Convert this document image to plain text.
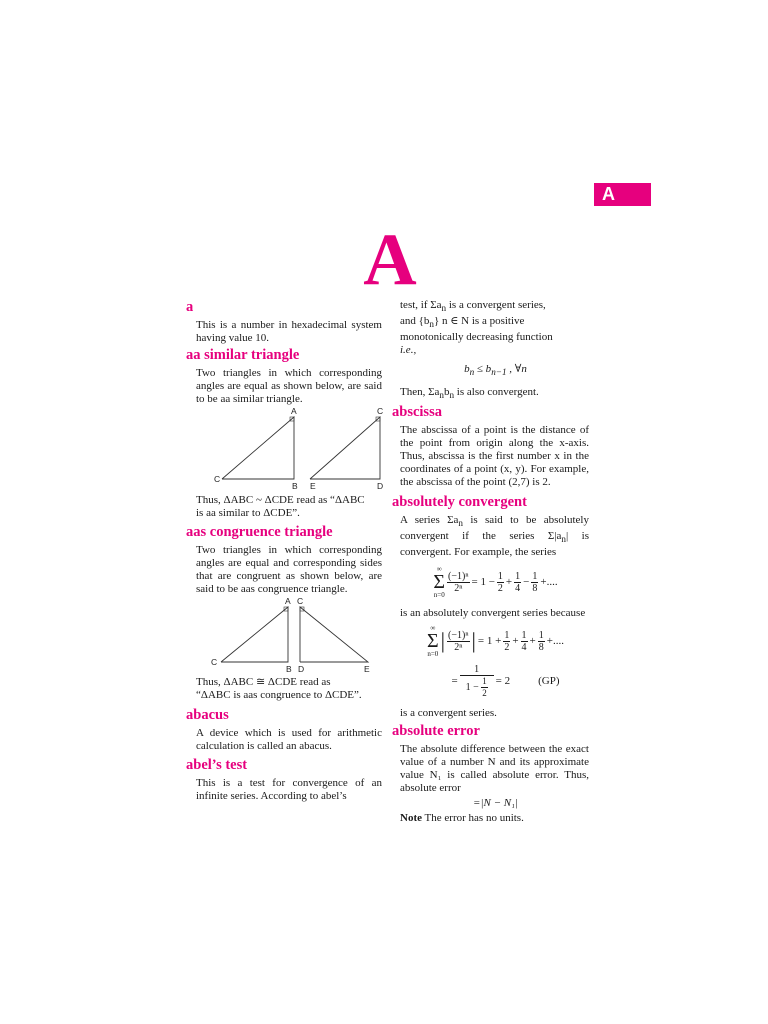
A
A
a

This is a number in hexadecimal system having value 10.

aa similar triangle

Two triangles in which corresponding angles are equal as shown below, are said to be aa similar triangle.

A
B
C
C
D
E

Thus, ΔABC ~ ΔCDE read as “ΔABC

is aa similar to ΔCDE”.

aas congruence triangle

Two triangles in which corresponding angles are equal and corresponding sides that are congruent as shown below, are said to be aas congruence triangle.

A
B
C
C
D	E

Thus, ΔABC ≅ ΔCDE read as

“ΔABC is aas congruence to ΔCDE”.

abacus

A device which is used for arithmetic calculation is called an abacus.

abel’s test

This is a test for convergence of an infinite series. According to abel’s

test, if $\Sigma a_n$ is a convergent series,

and $\{b_n\}$ n ∈ N is a positive

monotonically decreasing function

i.e.,

$b_n \le b_{n-1}$ , ∀n

Then, $\Sigma a_nb_n$ is also convergent.

abscissa

The abscissa of a point is the distance of the point from origin along the x-axis. Thus, abscissa is the first number x in the coordinates of a point (x, y). For example, the abscissa of the point (2,7) is 2.

absolutely convergent

A series $\Sigma a_n$ is said to be absolutely convergent if the series $\Sigma|a_n|$ is convergent. For example, the series

∞
Σ
n=0
$\frac{\text{(−1)ⁿ}}{\text{2ⁿ}} = 1 - \frac{1}{2} + \frac{1}{4} - \frac{1}{8}$ +....

is an absolutely convergent series because

∞
Σ
n=0
| $\frac{\text{(−1)ⁿ}}{\text{2ⁿ}}$ | = $1 + \frac{1}{2} + \frac{1}{4} + \frac{1}{8}$ +....
= $\frac{1}{1 - \frac{1}{2}} = 2$	(GP)

is a convergent series.

absolute error

The absolute difference between the exact value of a number N and its approximate value N₁ is called absolute error. Thus, absolute error

=|N − N₁|

Note The error has no units.
